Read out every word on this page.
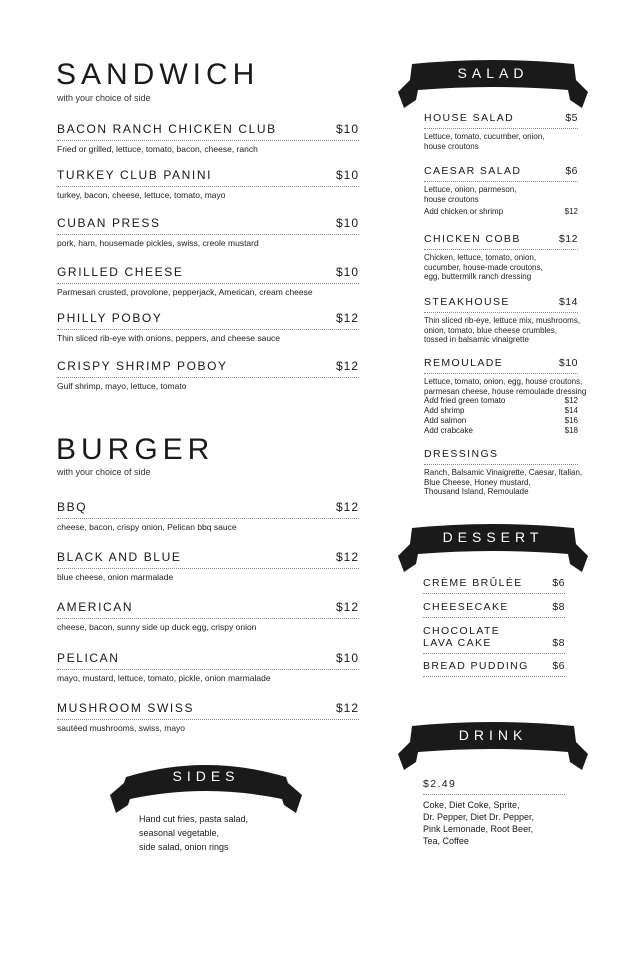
SANDWICH
with your choice of side
BACON RANCH CHICKEN CLUB	$10
Fried or grilled, lettuce, tomato, bacon, cheese, ranch
TURKEY CLUB PANINI	$10
turkey, bacon, cheese, lettuce, tomato, mayo
CUBAN PRESS	$10
pork, ham, housemade pickles, swiss, creole mustard
GRILLED CHEESE	$10
Parmesan crusted, provolone, pepperjack, American, cream cheese
PHILLY POBOY	$12
Thin sliced rib-eye with onions, peppers, and cheese sauce
CRISPY SHRIMP POBOY	$12
Gulf shrimp, mayo, lettuce, tomato
BURGER
with your choice of side
BBQ	$12
cheese, bacon, crispy onion, Pelican bbq sauce
BLACK AND BLUE	$12
blue cheese, onion marmalade
AMERICAN	$12
cheese, bacon, sunny side up duck egg, crispy onion
PELICAN	$10
mayo, mustard, lettuce, tomato, pickle, onion marmalade
MUSHROOM SWISS	$12
sautéed mushrooms, swiss, mayo
SIDES
Hand cut fries, pasta salad,
seasonal vegetable,
side salad, onion rings
SALAD
HOUSE SALAD	$5
Lettuce, tomato, cucumber, onion,
house croutons
CAESAR SALAD	$6
Lettuce, onion, parmeson,
house croutons
Add chicken or shrimp	$12
CHICKEN COBB	$12
Chicken, lettuce, tomato, onion,
cucumber, house-made croutons,
egg, buttermilk ranch dressing
STEAKHOUSE	$14
Thin sliced rib-eye, lettuce mix, mushrooms,
onion, tomato, blue cheese crumbles,
tossed in balsamic vinaigrette
REMOULADE	$10
Lettuce, tomato, onion, egg, house croutons,
parmesan cheese, house remoulade dressing
Add fried green tomato	$12
Add shrimp	$14
Add salmon	$16
Add crabcake	$18
DRESSINGS
Ranch, Balsamic Vinaigrette, Caesar, Italian,
Blue Cheese, Honey mustard,
Thousand Island, Remoulade
DESSERT
CRÈME BRÛLÉE	$6
CHEESECAKE	$8
CHOCOLATE
LAVA CAKE	$8
BREAD PUDDING	$6
DRINK
$2.49
Coke, Diet Coke, Sprite,
Dr. Pepper, Diet Dr. Pepper,
Pink Lemonade, Root Beer,
Tea, Coffee
